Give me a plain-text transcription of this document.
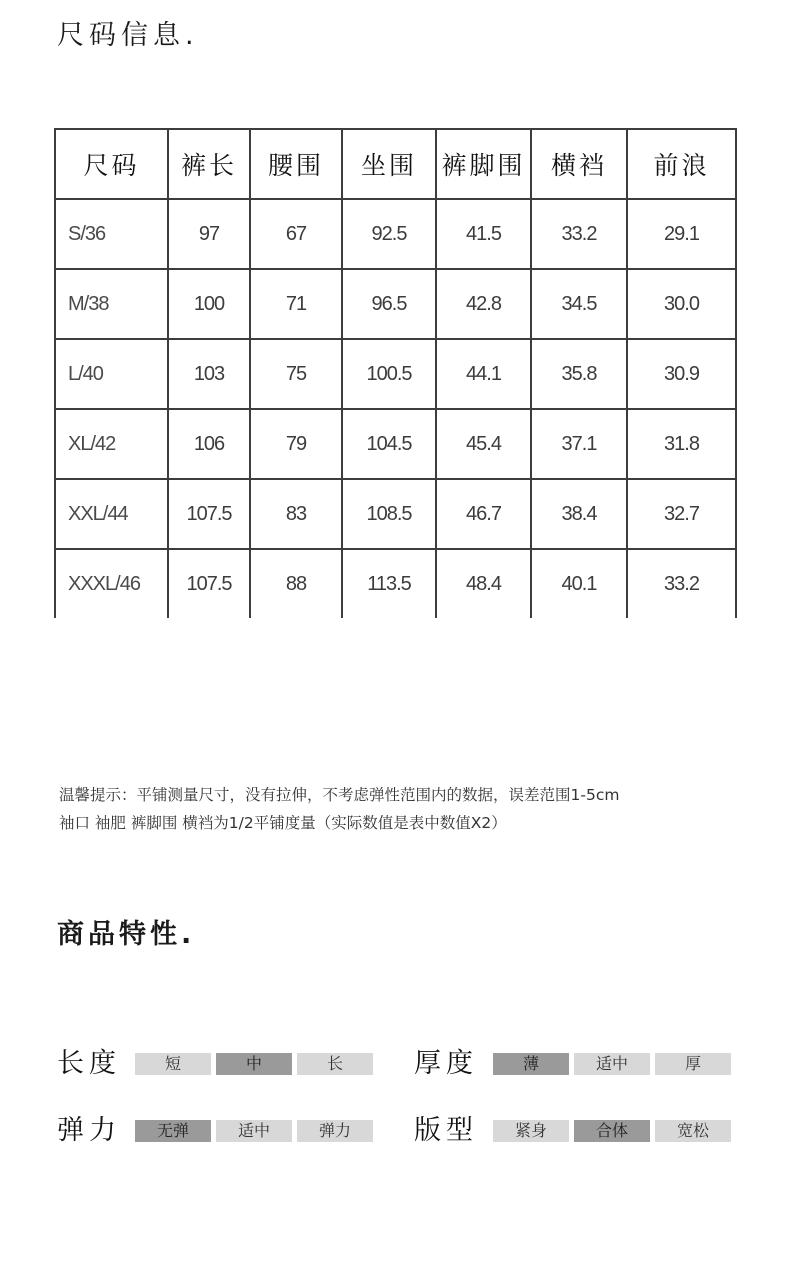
尺码信息.
尺码	裤长	腰围	坐围	裤脚围	横裆	前浪
S/36	97	67	92.5	41.5	33.2	29.1
M/38	100	71	96.5	42.8	34.5	30.0
L/40	103	75	100.5	44.1	35.8	30.9
XL/42	106	79	104.5	45.4	37.1	31.8
XXL/44	107.5	83	108.5	46.7	38.4	32.7
XXXL/46	107.5	88	113.5	48.4	40.1	33.2

温馨提示：平铺测量尺寸，没有拉伸，不考虑弹性范围内的数据，误差范围1-5cm

袖口 袖肥 裤脚围 横裆为1/2平铺度量（实际数值是表中数值X2）

商品特性.
长度	短	中	长	厚度	薄	适中	厚
弹力	无弹	适中	弹力	版型	紧身	合体	宽松
